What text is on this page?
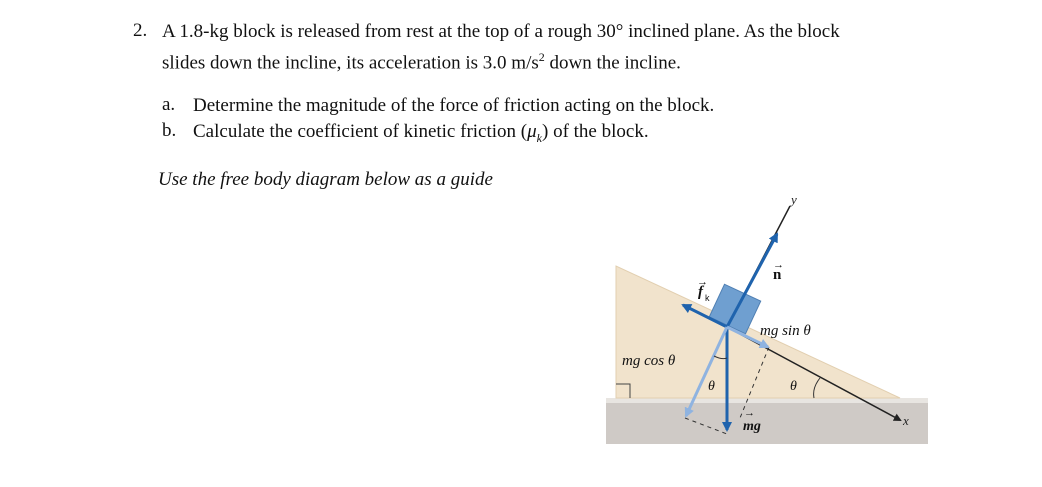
2. A 1.8-kg block is released from rest at the top of a rough 30° inclined plane. As the block
slides down the incline, its acceleration is 3.0 $m/s^2$ down the incline.
a. Determine the magnitude of the force of friction acting on the block.
b. Calculate the coefficient of kinetic friction $(\mu_k)$ of the block.
Use the free body diagram below as a guide
y
x
n
→
f k
→
mg sin θ
mg cos θ
θ	θ
mg
→
